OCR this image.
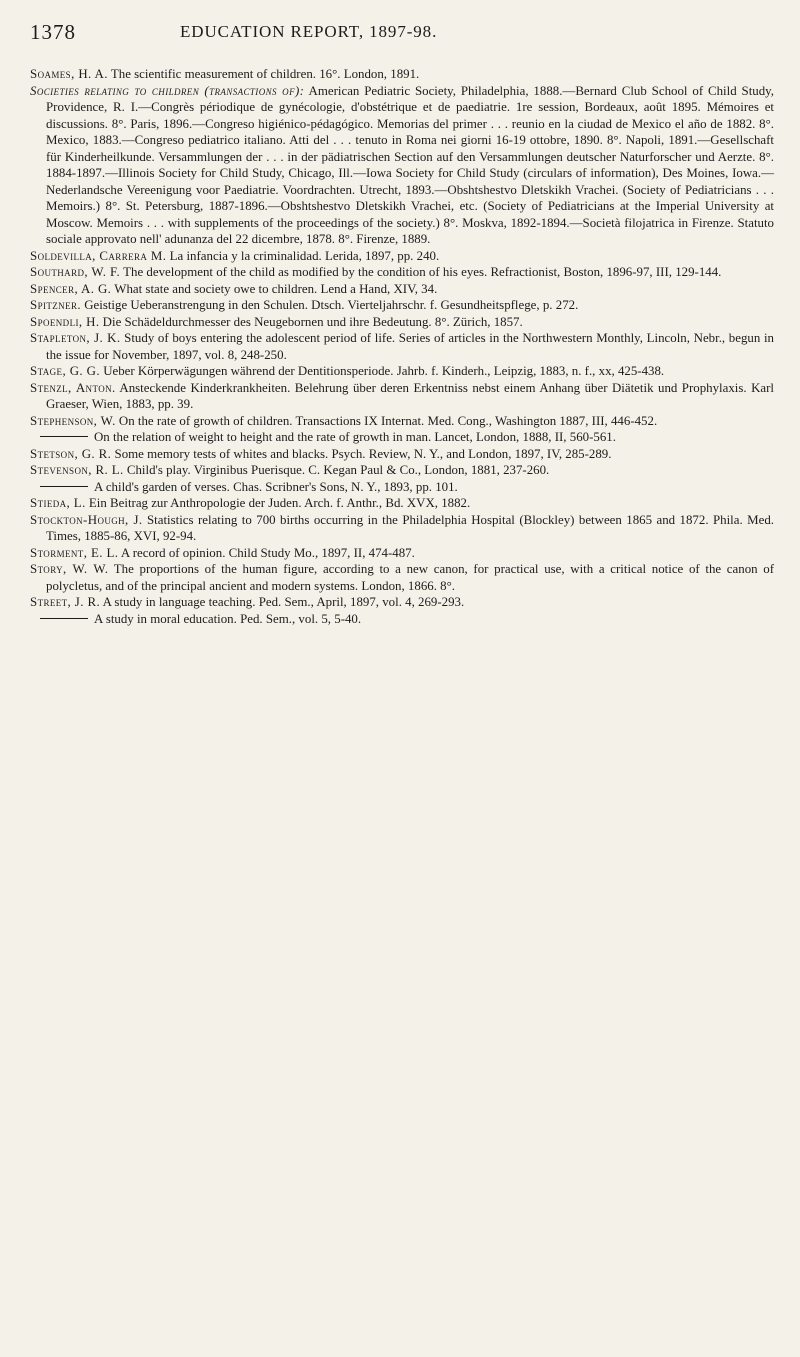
1378	EDUCATION REPORT, 1897-98.

Soames, H. A. The scientific measurement of children. 16°. London, 1891.

Societies relating to children (transactions of): American Pediatric Society, Philadelphia, 1888.—Bernard Club School of Child Study, Providence, R. I.—Congrès périodique de gynécologie, d'obstétrique et de paediatrie. 1re session, Bordeaux, août 1895. Mémoires et discussions. 8°. Paris, 1896.—Congreso higiénico-pédagógico. Memorias del primer . . . reunio en la ciudad de Mexico el año de 1882. 8°. Mexico, 1883.—Congreso pediatrico italiano. Atti del . . . tenuto in Roma nei giorni 16-19 ottobre, 1890. 8°. Napoli, 1891.—Gesellschaft für Kinderheilkunde. Versammlungen der . . . in der pädiatrischen Section auf den Versammlungen deutscher Naturforscher und Aerzte. 8°. 1884-1897.—Illinois Society for Child Study, Chicago, Ill.—Iowa Society for Child Study (circulars of information), Des Moines, Iowa.—Nederlandsche Vereenigung voor Paediatrie. Voordrachten. Utrecht, 1893.—Obshtshestvo Dletskikh Vrachei. (Society of Pediatricians . . . Memoirs.) 8°. St. Petersburg, 1887-1896.—Obshtshestvo Dletskikh Vrachei, etc. (Society of Pediatricians at the Imperial University at Moscow. Memoirs . . . with supplements of the proceedings of the society.) 8°. Moskva, 1892-1894.—Società filojatrica in Firenze. Statuto sociale approvato nell' adunanza del 22 dicembre, 1878. 8°. Firenze, 1889.

Soldevilla, Carrera M. La infancia y la criminalidad. Lerida, 1897, pp. 240.

Southard, W. F. The development of the child as modified by the condition of his eyes. Refractionist, Boston, 1896-97, III, 129-144.

Spencer, A. G. What state and society owe to children. Lend a Hand, XIV, 34.

Spitzner. Geistige Ueberanstrengung in den Schulen. Dtsch. Vierteljahrschr. f. Gesundheitspflege, p. 272.

Spoendli, H. Die Schädeldurchmesser des Neugebornen und ihre Bedeutung. 8°. Zürich, 1857.

Stapleton, J. K. Study of boys entering the adolescent period of life. Series of articles in the Northwestern Monthly, Lincoln, Nebr., begun in the issue for November, 1897, vol. 8, 248-250.

Stage, G. G. Ueber Körperwägungen während der Dentitionsperiode. Jahrb. f. Kinderh., Leipzig, 1883, n. f., xx, 425-438.

Stenzl, Anton. Ansteckende Kinderkrankheiten. Belehrung über deren Erkentniss nebst einem Anhang über Diätetik und Prophylaxis. Karl Graeser, Wien, 1883, pp. 39.

Stephenson, W. On the rate of growth of children. Transactions IX Internat. Med. Cong., Washington 1887, III, 446-452.

On the relation of weight to height and the rate of growth in man. Lancet, London, 1888, II, 560-561.

Stetson, G. R. Some memory tests of whites and blacks. Psych. Review, N. Y., and London, 1897, IV, 285-289.

Stevenson, R. L. Child's play. Virginibus Puerisque. C. Kegan Paul & Co., London, 1881, 237-260.

A child's garden of verses. Chas. Scribner's Sons, N. Y., 1893, pp. 101.

Stieda, L. Ein Beitrag zur Anthropologie der Juden. Arch. f. Anthr., Bd. XVX, 1882.

Stockton-Hough, J. Statistics relating to 700 births occurring in the Philadelphia Hospital (Blockley) between 1865 and 1872. Phila. Med. Times, 1885-86, XVI, 92-94.

Storment, E. L. A record of opinion. Child Study Mo., 1897, II, 474-487.

Story, W. W. The proportions of the human figure, according to a new canon, for practical use, with a critical notice of the canon of polycletus, and of the principal ancient and modern systems. London, 1866. 8°.

Street, J. R. A study in language teaching. Ped. Sem., April, 1897, vol. 4, 269-293.

A study in moral education. Ped. Sem., vol. 5, 5-40.
